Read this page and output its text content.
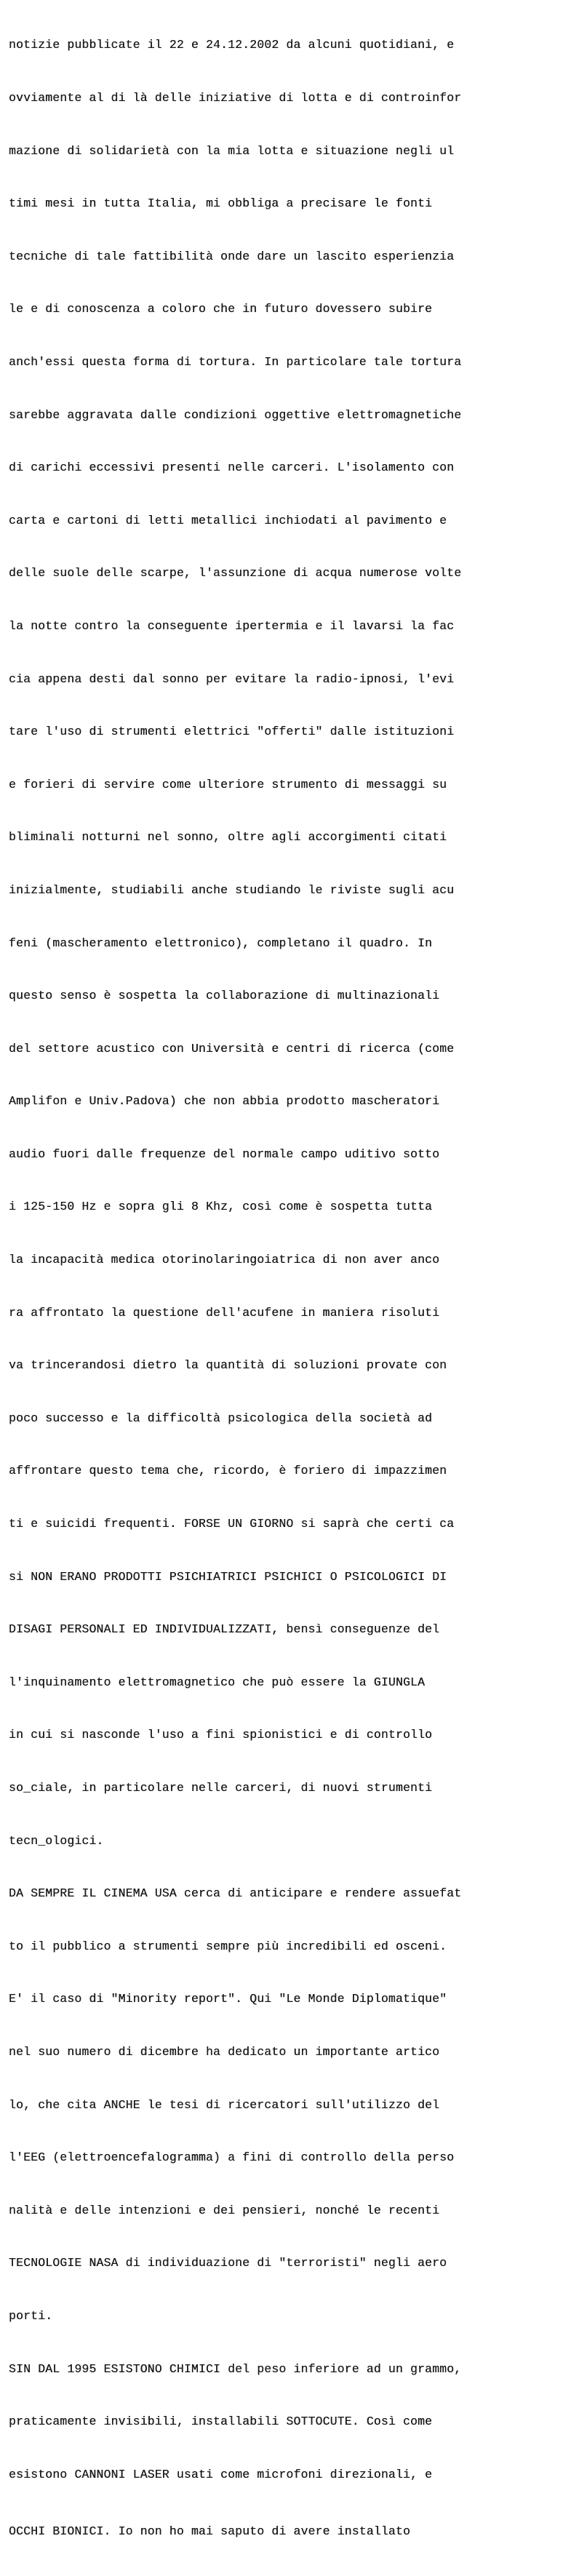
notizie pubblicate il 22 e 24.12.2002 da alcuni quotidiani, e

ovviamente al di là delle iniziative di lotta e di controinfor

mazione di solidarietà con la mia lotta e situazione negli ul

timi mesi in tutta Italia, mi obbliga a precisare le fonti

tecniche di tale fattibilità onde dare un lascito esperienzia

le e di conoscenza a coloro che in futuro dovessero subire

anch'essi questa forma di tortura. In particolare tale tortura

sarebbe aggravata dalle condizioni oggettive elettromagnetiche

di carichi eccessivi presenti nelle carceri. L'isolamento con

carta e cartoni di letti metallici inchiodati al pavimento e

delle suole delle scarpe, l'assunzione di acqua numerose volte

la notte contro la conseguente ipertermia e il lavarsi la fac

cia appena desti dal sonno per evitare la radio-ipnosi, l'evi

tare l'uso di strumenti elettrici "offerti" dalle istituzioni

e forieri di servire come ulteriore strumento di messaggi su

bliminali notturni nel sonno, oltre agli accorgimenti citati

inizialmente, studiabili anche studiando le riviste sugli acu

feni (mascheramento elettronico), completano il quadro. In

questo senso è sospetta la collaborazione di multinazionali

del settore acustico con Università e centri di ricerca (come

Amplifon e Univ.Padova) che non abbia prodotto mascheratori

audio fuori dalle frequenze del normale campo uditivo sotto

i 125-150 Hz e sopra gli 8 Khz, così come è sospetta tutta

la incapacità medica otorinolaringoiatrica di non aver anco

ra affrontato la questione dell'acufene in maniera risoluti

va trincerandosi dietro la quantità di soluzioni provate con

poco successo e la difficoltà psicologica della società ad

affrontare questo tema che, ricordo, è foriero di impazzimen

ti e suicidi frequenti. FORSE UN GIORNO si saprà che certi ca

si NON ERANO PRODOTTI PSICHIATRICI PSICHICI O PSICOLOGICI DI

DISAGI PERSONALI ED INDIVIDUALIZZATI, bensì conseguenze del

l'inquinamento elettromagnetico che può essere la GIUNGLA

in cui si nasconde l'uso a fini spionistici e di controllo

so_ciale, in particolare nelle carceri, di nuovi strumenti

tecn_ologici.

DA SEMPRE IL CINEMA USA cerca di anticipare e rendere assuefat

to il pubblico a strumenti sempre più incredibili ed osceni.

E' il caso di "Minority report". Qui "Le Monde Diplomatique"

nel suo numero di dicembre ha dedicato un importante artico

lo, che cita ANCHE le tesi di ricercatori sull'utilizzo del

l'EEG (elettroencefalogramma) a fini di controllo della perso

nalità e delle intenzioni e dei pensieri, nonché le recenti

TECNOLOGIE NASA di individuazione di "terroristi" negli aero

porti.

SIN DAL 1995 ESISTONO CHIMICI del peso inferiore ad un grammo,

praticamente invisibili, installabili SOTTOCUTE. Così come

esistono CANNONI LASER usati come microfoni direzionali, e

OCCHI BIONICI. Io non ho mai saputo di avere installato
